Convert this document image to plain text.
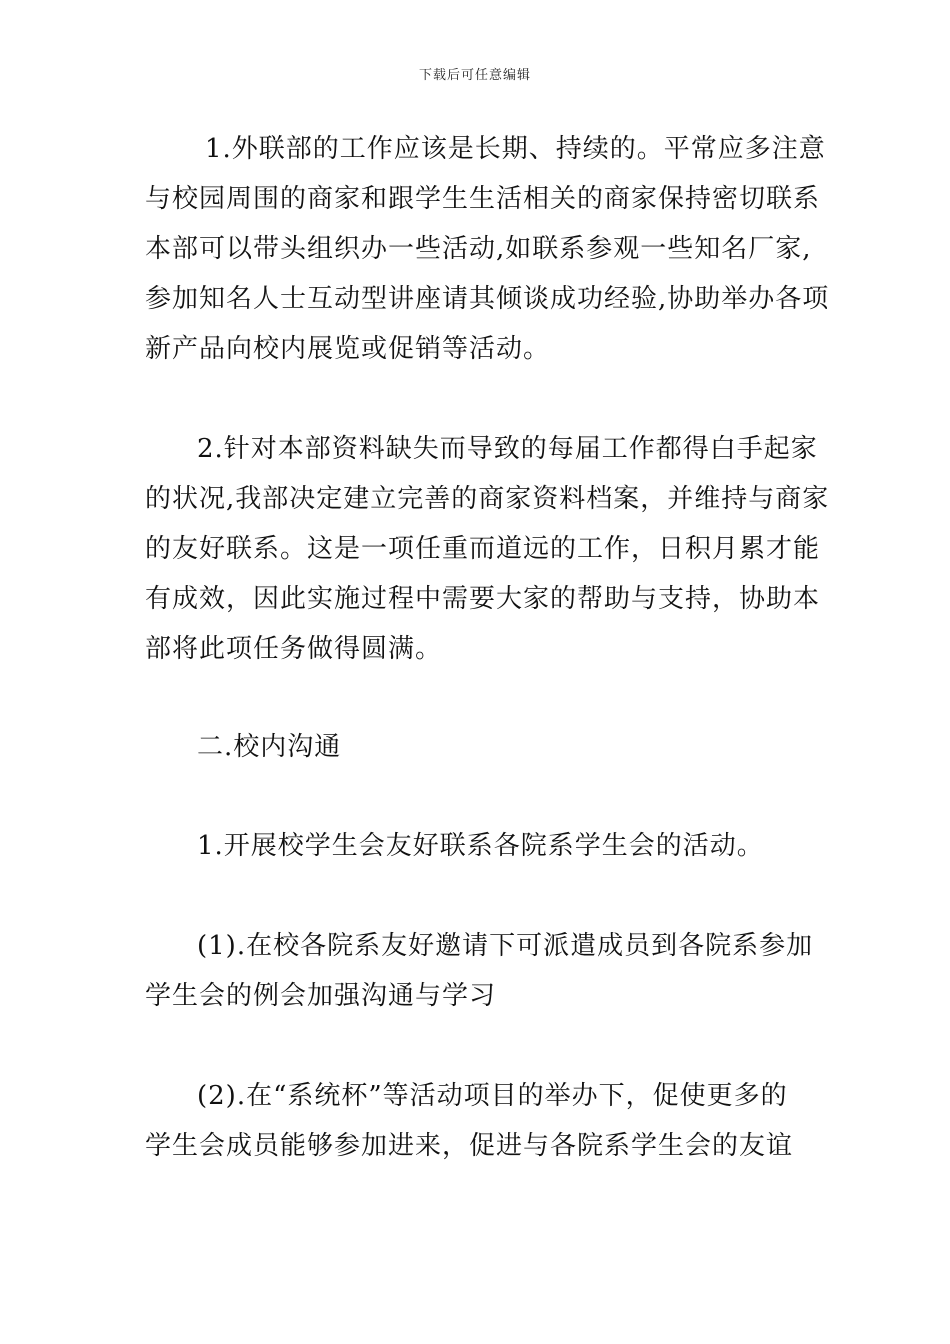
下载后可任意编辑
1.外联部的工作应该是长期、持续的。平常应多注意
与校园周围的商家和跟学生生活相关的商家保持密切联系
本部可以带头组织办一些活动,如联系参观一些知名厂家,
参加知名人士互动型讲座请其倾谈成功经验,协助举办各项
新产品向校内展览或促销等活动。
2.针对本部资料缺失而导致的每届工作都得白手起家
的状况,我部决定建立完善的商家资料档案，并维持与商家
的友好联系。这是一项任重而道远的工作，日积月累才能
有成效，因此实施过程中需要大家的帮助与支持，协助本
部将此项任务做得圆满。
二.校内沟通
1.开展校学生会友好联系各院系学生会的活动。
(1).在校各院系友好邀请下可派遣成员到各院系参加
学生会的例会加强沟通与学习
(2).在“系统杯”等活动项目的举办下，促使更多的
学生会成员能够参加进来，促进与各院系学生会的友谊
